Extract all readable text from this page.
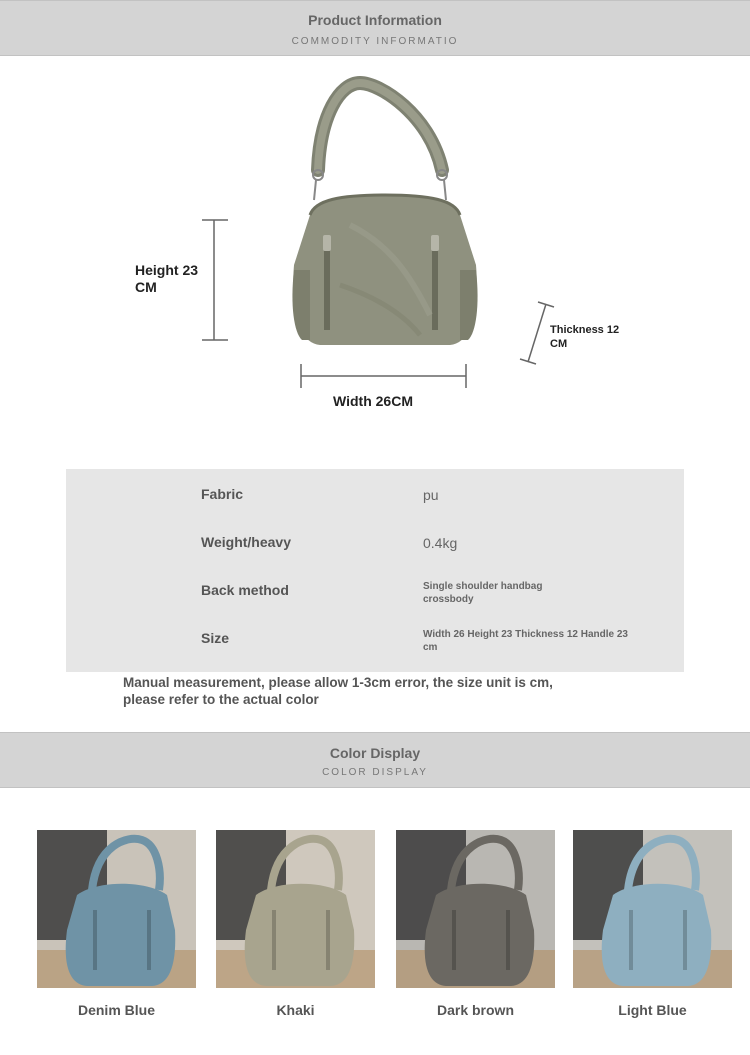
Product Information
COMMODITY INFORMATIO
Height 23
CM
Width 26CM
Thickness 12
CM
Fabric	pu
Weight/heavy	0.4kg
Back method	Single shoulder handbag
crossbody
Size	Width 26 Height 23 Thickness 12 Handle 23
cm
Manual measurement, please allow 1-3cm error, the size unit is cm,
please refer to the actual color
Color Display
COLOR DISPLAY
Denim Blue	Khaki	Dark brown	Light Blue
